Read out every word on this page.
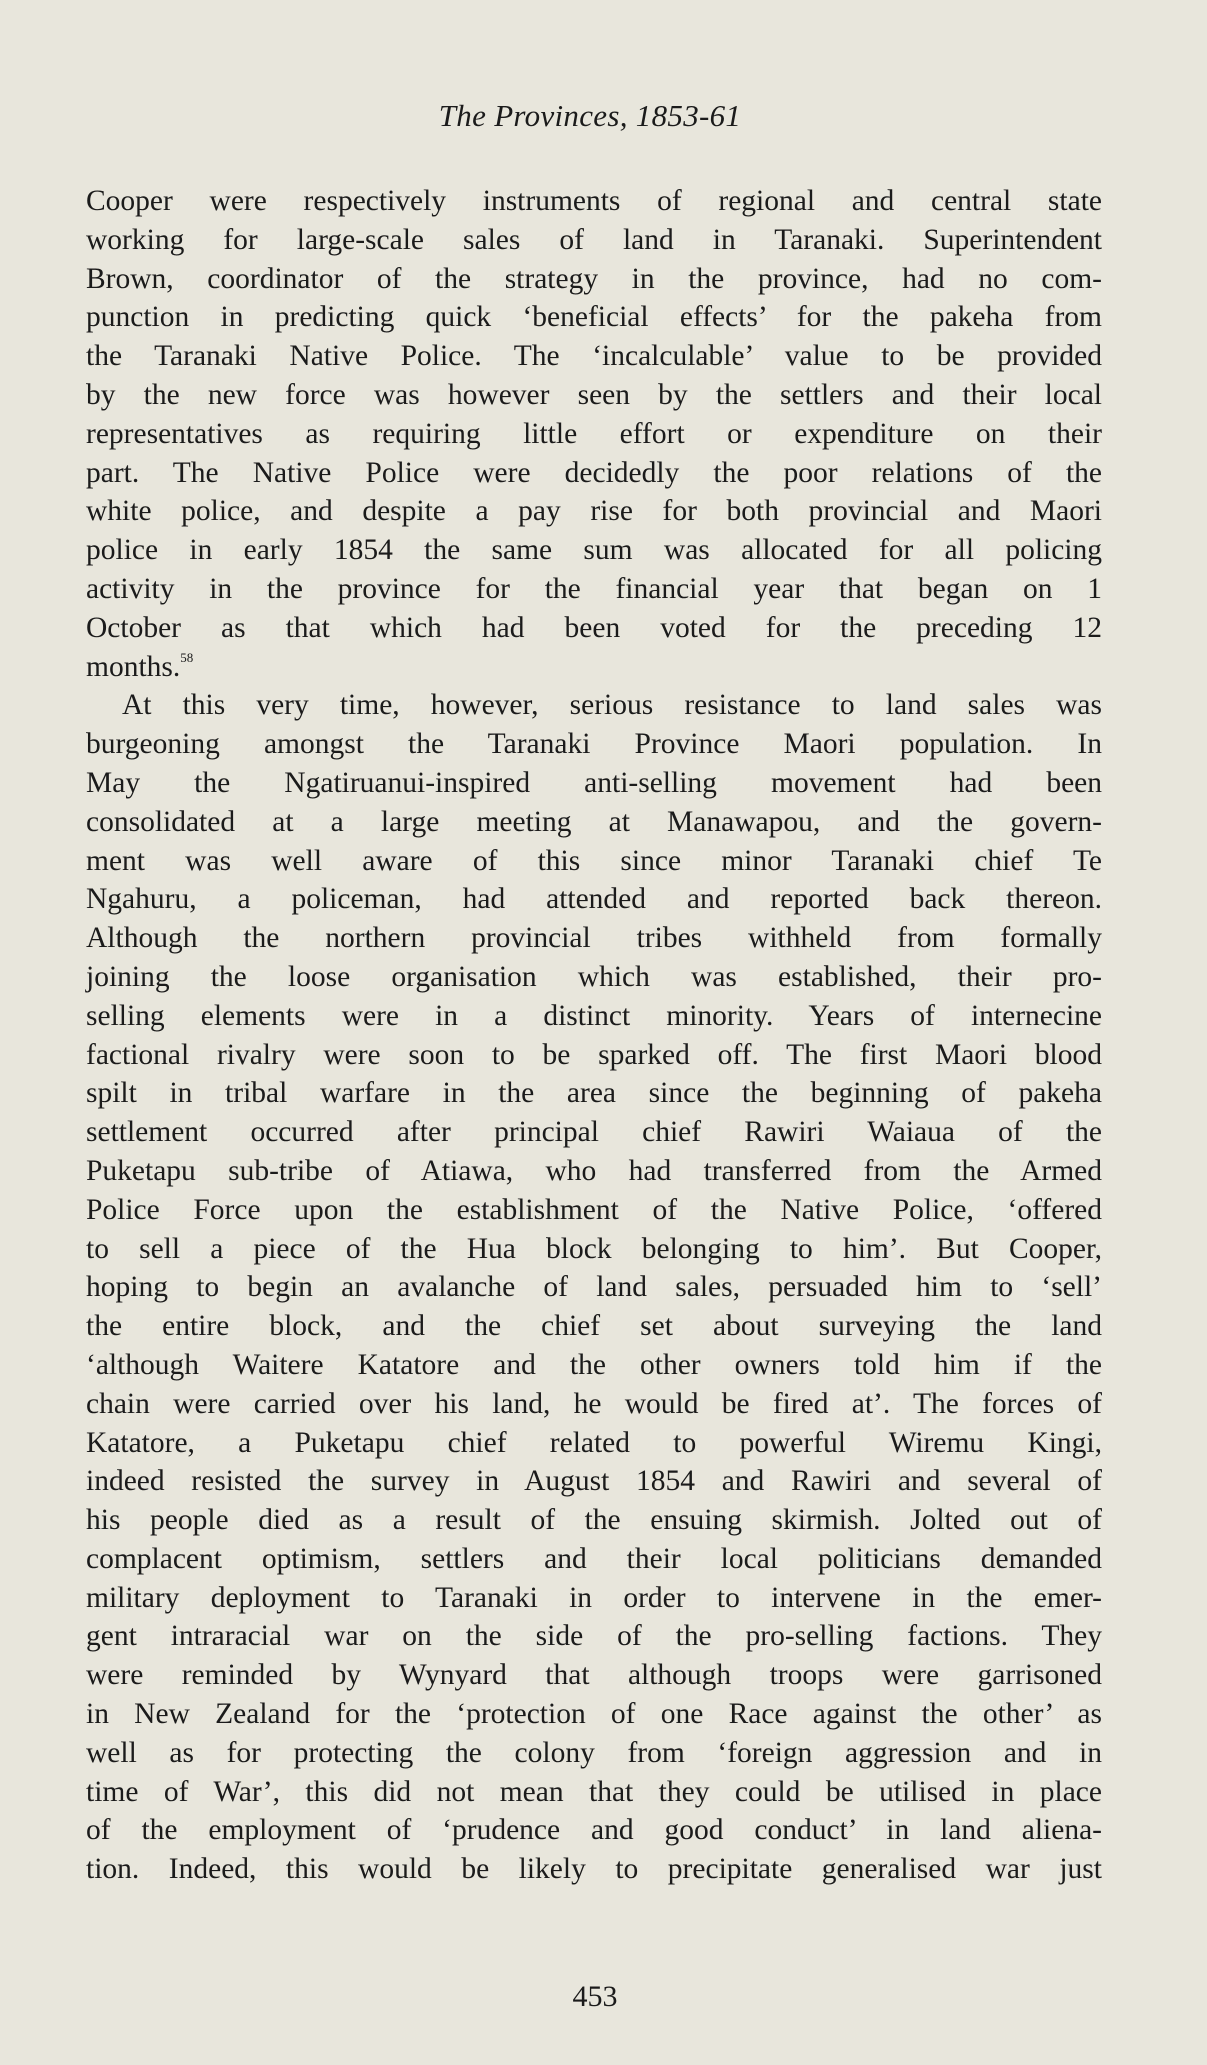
The Provinces, 1853-61
Cooper were respectively instruments of regional and central state
working for large-scale sales of land in Taranaki. Superintendent
Brown, coordinator of the strategy in the province, had no com-
punction in predicting quick ‘beneficial effects’ for the pakeha from
the Taranaki Native Police. The ‘incalculable’ value to be provided
by the new force was however seen by the settlers and their local
representatives as requiring little effort or expenditure on their
part. The Native Police were decidedly the poor relations of the
white police, and despite a pay rise for both provincial and Maori
police in early 1854 the same sum was allocated for all policing
activity in the province for the financial year that began on 1
October as that which had been voted for the preceding 12
months.$^{58}$
At this very time, however, serious resistance to land sales was
burgeoning amongst the Taranaki Province Maori population. In
May the Ngatiruanui-inspired anti-selling movement had been
consolidated at a large meeting at Manawapou, and the govern-
ment was well aware of this since minor Taranaki chief Te
Ngahuru, a policeman, had attended and reported back thereon.
Although the northern provincial tribes withheld from formally
joining the loose organisation which was established, their pro-
selling elements were in a distinct minority. Years of internecine
factional rivalry were soon to be sparked off. The first Maori blood
spilt in tribal warfare in the area since the beginning of pakeha
settlement occurred after principal chief Rawiri Waiaua of the
Puketapu sub-tribe of Atiawa, who had transferred from the Armed
Police Force upon the establishment of the Native Police, ‘offered
to sell a piece of the Hua block belonging to him’. But Cooper,
hoping to begin an avalanche of land sales, persuaded him to ‘sell’
the entire block, and the chief set about surveying the land
‘although Waitere Katatore and the other owners told him if the
chain were carried over his land, he would be fired at’. The forces of
Katatore, a Puketapu chief related to powerful Wiremu Kingi,
indeed resisted the survey in August 1854 and Rawiri and several of
his people died as a result of the ensuing skirmish. Jolted out of
complacent optimism, settlers and their local politicians demanded
military deployment to Taranaki in order to intervene in the emer-
gent intraracial war on the side of the pro-selling factions. They
were reminded by Wynyard that although troops were garrisoned
in New Zealand for the ‘protection of one Race against the other’ as
well as for protecting the colony from ‘foreign aggression and in
time of War’, this did not mean that they could be utilised in place
of the employment of ‘prudence and good conduct’ in land aliena-
tion. Indeed, this would be likely to precipitate generalised war just
453
